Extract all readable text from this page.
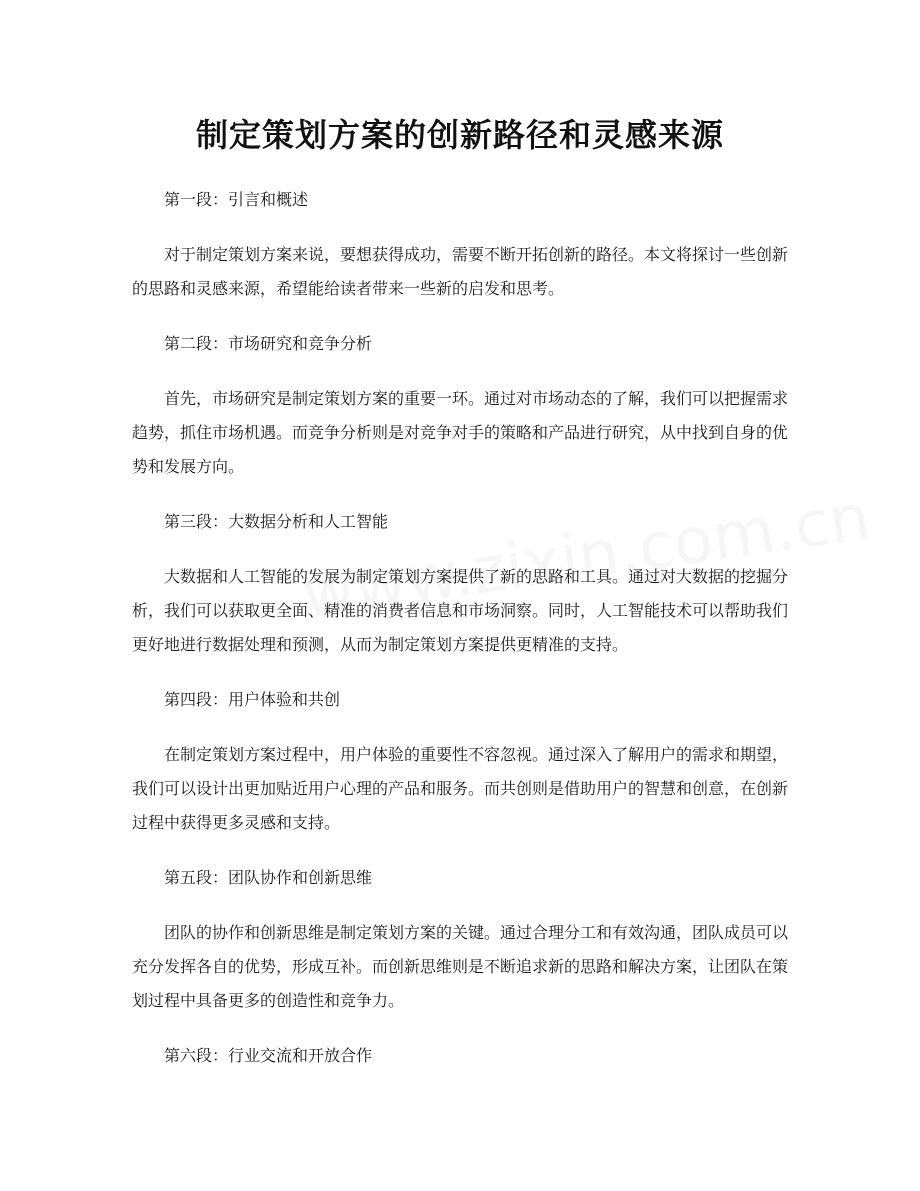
制定策划方案的创新路径和灵感来源

第一段：引言和概述

对于制定策划方案来说，要想获得成功，需要不断开拓创新的路径。本文将探讨一些创新的思路和灵感来源，希望能给读者带来一些新的启发和思考。

第二段：市场研究和竞争分析

首先，市场研究是制定策划方案的重要一环。通过对市场动态的了解，我们可以把握需求趋势，抓住市场机遇。而竞争分析则是对竞争对手的策略和产品进行研究，从中找到自身的优势和发展方向。

第三段：大数据分析和人工智能

大数据和人工智能的发展为制定策划方案提供了新的思路和工具。通过对大数据的挖掘分析，我们可以获取更全面、精准的消费者信息和市场洞察。同时，人工智能技术可以帮助我们更好地进行数据处理和预测，从而为制定策划方案提供更精准的支持。

第四段：用户体验和共创

在制定策划方案过程中，用户体验的重要性不容忽视。通过深入了解用户的需求和期望，我们可以设计出更加贴近用户心理的产品和服务。而共创则是借助用户的智慧和创意，在创新过程中获得更多灵感和支持。

第五段：团队协作和创新思维

团队的协作和创新思维是制定策划方案的关键。通过合理分工和有效沟通，团队成员可以充分发挥各自的优势，形成互补。而创新思维则是不断追求新的思路和解决方案，让团队在策划过程中具备更多的创造性和竞争力。

第六段：行业交流和开放合作
